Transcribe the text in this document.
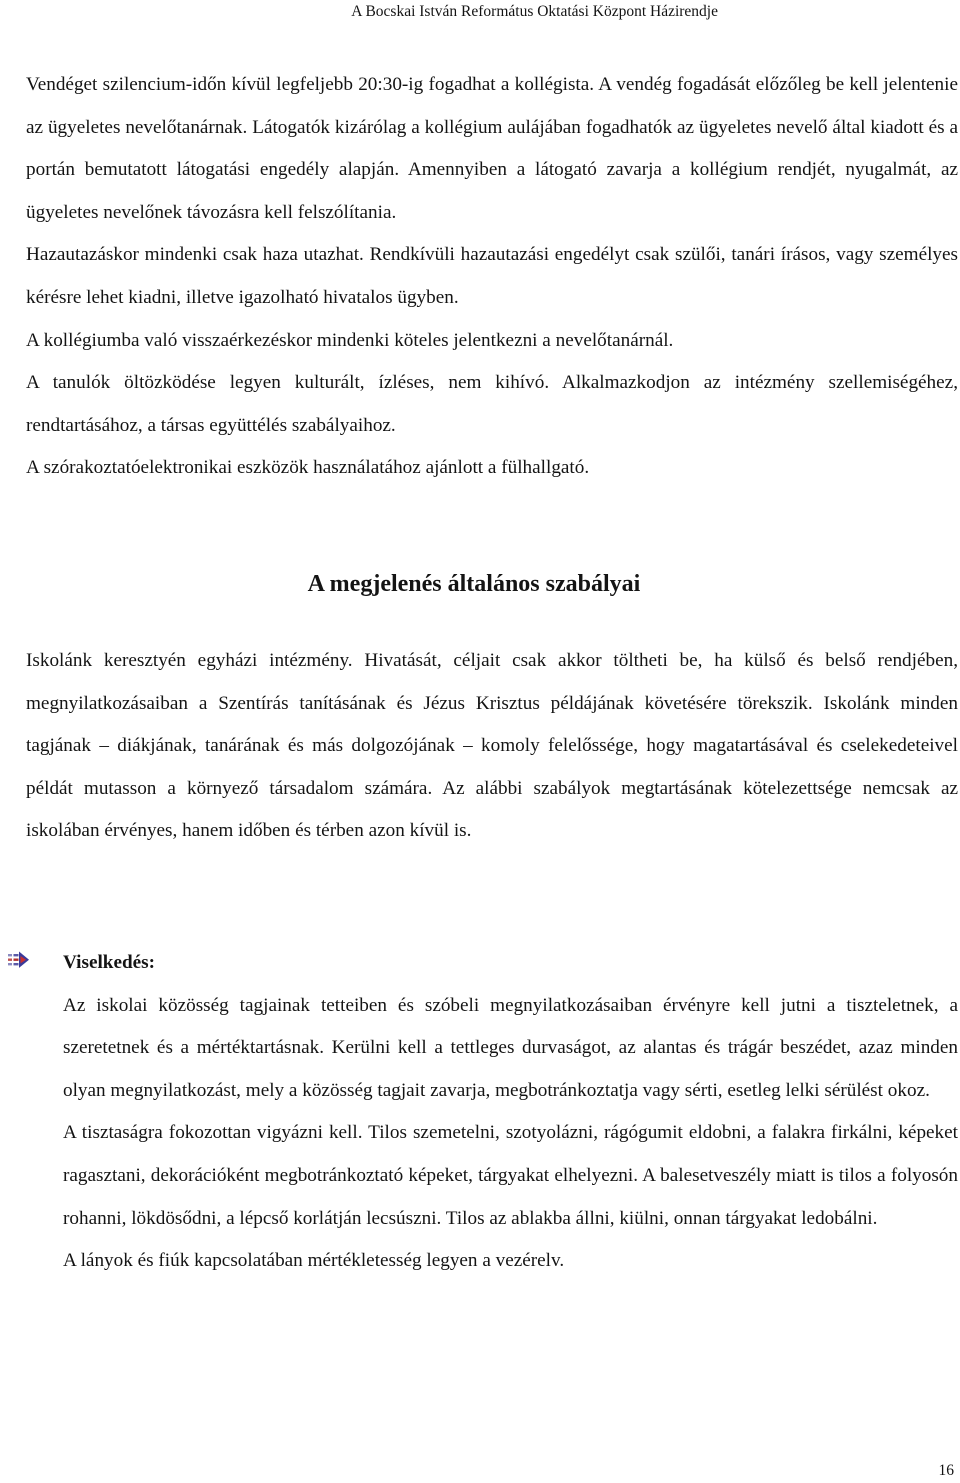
A Bocskai István Református Oktatási Központ Házirendje

Vendéget szilencium-időn kívül legfeljebb 20:30-ig fogadhat a kollégista. A vendég fogadását előzőleg be kell jelentenie az ügyeletes nevelőtanárnak. Látogatók kizárólag a kollégium aulájában fogadhatók az ügyeletes nevelő által kiadott és a portán bemutatott látogatási engedély alapján. Amennyiben a látogató zavarja a kollégium rendjét, nyugalmát, az ügyeletes nevelőnek távozásra kell felszólítania.

Hazautazáskor mindenki csak haza utazhat. Rendkívüli hazautazási engedélyt csak szülői, tanári írásos, vagy személyes kérésre lehet kiadni, illetve igazolható hivatalos ügyben.

A kollégiumba való visszaérkezéskor mindenki köteles jelentkezni a nevelőtanárnál.

A tanulók öltözködése legyen kulturált, ízléses, nem kihívó. Alkalmazkodjon az intézmény szellemiségéhez, rendtartásához, a társas együttélés szabályaihoz.

A szórakoztatóelektronikai eszközök használatához ajánlott a fülhallgató.

A megjelenés általános szabályai

Iskolánk keresztyén egyházi intézmény. Hivatását, céljait csak akkor töltheti be, ha külső és belső rendjében, megnyilatkozásaiban a Szentírás tanításának és Jézus Krisztus példájának követésére törekszik. Iskolánk minden tagjának – diákjának, tanárának és más dolgozójának – komoly felelőssége, hogy magatartásával és cselekedeteivel példát mutasson a környező társadalom számára. Az alábbi szabályok megtartásának kötelezettsége nemcsak az iskolában érvényes, hanem időben és térben azon kívül is.

Viselkedés:

Az iskolai közösség tagjainak tetteiben és szóbeli megnyilatkozásaiban érvényre kell jutni a tiszteletnek, a szeretetnek és a mértéktartásnak. Kerülni kell a tettleges durvaságot, az alantas és trágár beszédet, azaz minden olyan megnyilatkozást, mely a közösség tagjait zavarja, megbotránkoztatja vagy sérti, esetleg lelki sérülést okoz.

A tisztaságra fokozottan vigyázni kell. Tilos szemetelni, szotyolázni, rágógumit eldobni, a falakra firkálni, képeket ragasztani, dekorációként megbotránkoztató képeket, tárgyakat elhelyezni. A balesetveszély miatt is tilos a folyosón rohanni, lökdösődni, a lépcső korlátján lecsúszni. Tilos az ablakba állni, kiülni, onnan tárgyakat ledobálni.

A lányok és fiúk kapcsolatában mértékletesség legyen a vezérelv.

16
